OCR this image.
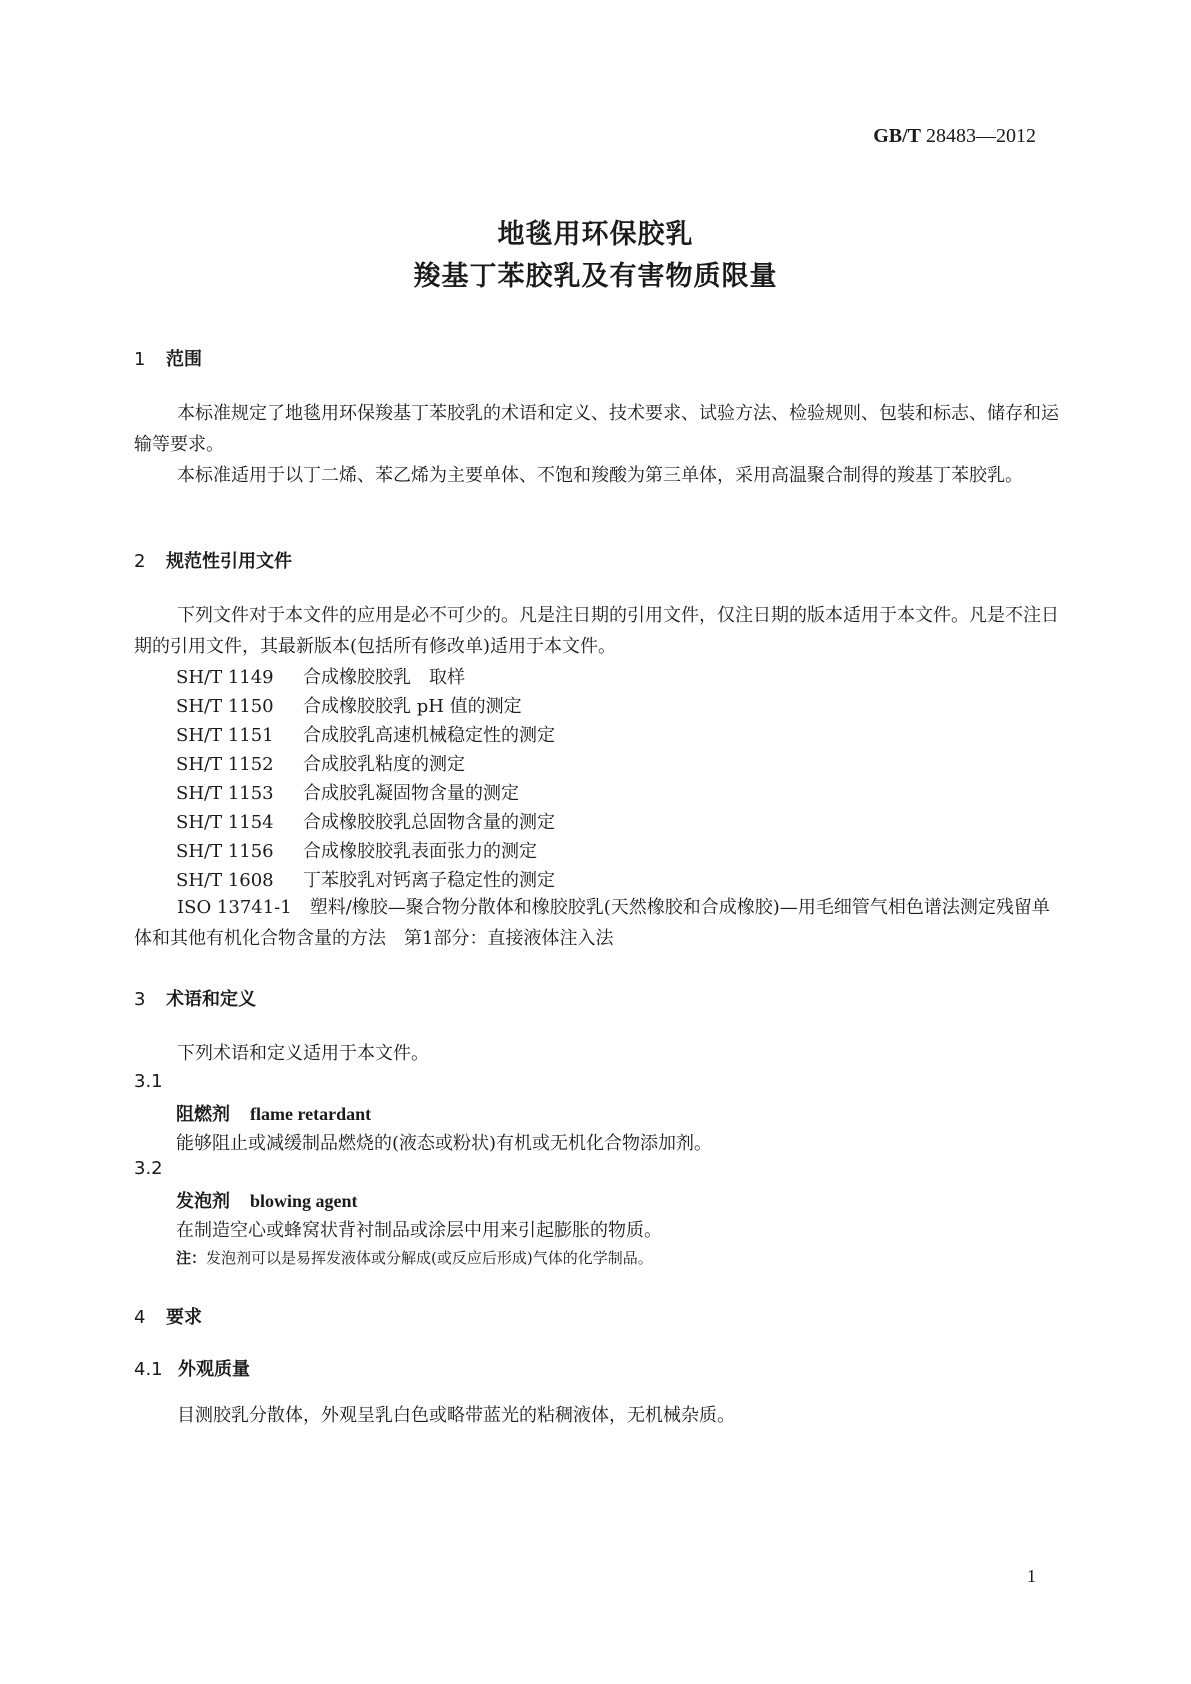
GB/T 28483—2012
地毯用环保胶乳
羧基丁苯胶乳及有害物质限量
1 范围
本标准规定了地毯用环保羧基丁苯胶乳的术语和定义、技术要求、试验方法、检验规则、包装和标志、储存和运输等要求。
本标准适用于以丁二烯、苯乙烯为主要单体、不饱和羧酸为第三单体，采用高温聚合制得的羧基丁苯胶乳。
2 规范性引用文件
下列文件对于本文件的应用是必不可少的。凡是注日期的引用文件，仅注日期的版本适用于本文件。凡是不注日期的引用文件，其最新版本(包括所有修改单)适用于本文件。
SH/T 1149 合成橡胶胶乳　取样
SH/T 1150 合成橡胶胶乳 pH 值的测定
SH/T 1151 合成胶乳高速机械稳定性的测定
SH/T 1152 合成胶乳粘度的测定
SH/T 1153 合成胶乳凝固物含量的测定
SH/T 1154 合成橡胶胶乳总固物含量的测定
SH/T 1156 合成橡胶胶乳表面张力的测定
SH/T 1608 丁苯胶乳对钙离子稳定性的测定
ISO 13741-1　塑料/橡胶—聚合物分散体和橡胶胶乳(天然橡胶和合成橡胶)—用毛细管气相色谱法测定残留单体和其他有机化合物含量的方法　第1部分：直接液体注入法
3 术语和定义
下列术语和定义适用于本文件。
3.1
阻燃剂 flame retardant
能够阻止或减缓制品燃烧的(液态或粉状)有机或无机化合物添加剂。
3.2
发泡剂 blowing agent
在制造空心或蜂窝状背衬制品或涂层中用来引起膨胀的物质。
注：发泡剂可以是易挥发液体或分解成(或反应后形成)气体的化学制品。
4 要求
4.1 外观质量
目测胶乳分散体，外观呈乳白色或略带蓝光的粘稠液体，无机械杂质。
1
